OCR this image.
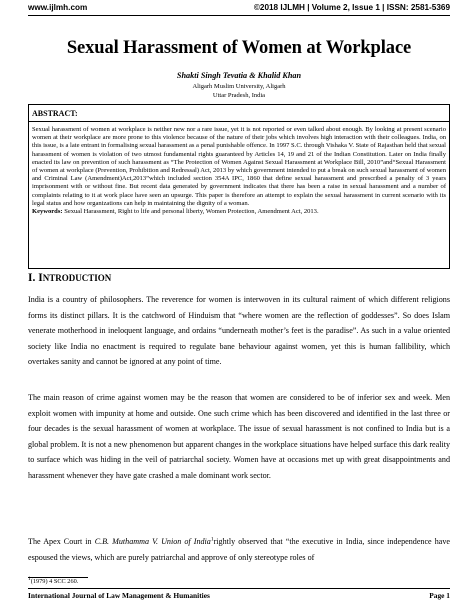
www.ijlmh.com	©2018 IJLMH | Volume 2, Issue 1 | ISSN: 2581-5369
Sexual Harassment of Women at Workplace
Shakti Singh Tevatia & Khalid Khan
Aligarh Muslim University, Aligarh
Uttar Pradesh, India
ABSTRACT:
Sexual harassment of women at workplace is neither new nor a rare issue, yet it is not reported or even talked about enough. By looking at present scenario women at their workplace are more prone to this violence because of the nature of their jobs which involves high interaction with their colleagues. India, on this issue, is a late entrant in formalising sexual harassment as a penal punishable offence. In 1997 S.C. through Vishaka V. State of Rajasthan held that sexual harassment of women is violation of two utmost fundamental rights guaranteed by Articles 14, 19 and 21 of the Indian Constitution. Later on India finally enacted its law on prevention of such harassment as “The Protection of Women Against Sexual Harassment at Workplace Bill, 2010”and“Sexual Harassment of women at workplace (Prevention, Prohibition and Redressal) Act, 2013 by which government intended to put a break on such sexual harassment of women and Criminal Law (Amendment)Act,2013”which included section 354A IPC, 1860 that define sexual harassment and prescribed a penalty of 3 years imprisonment with or without fine. But recent data generated by government indicates that there has been a raise in sexual harassment and a number of complaints relating to it at work place have seen an upsurge. This paper is therefore an attempt to explain the sexual harassment in current scenario with its legal status and how organizations can help in maintaining the dignity of a woman.
Keywords: Sexual Harassment, Right to life and personal liberty, Women Protection, Amendment Act, 2013.
I. INTRODUCTION
India is a country of philosophers. The reverence for women is interwoven in its cultural raiment of which different religions forms its distinct pillars. It is the catchword of Hinduism that “where women are the reflection of goddesses”. So does Islam venerate motherhood in ineloquent language, and ordains “underneath mother’s feet is the paradise”. As such in a value oriented society like India no enactment is required to regulate bane behaviour against women, yet this is human fallibility, which overtakes sanity and cannot be ignored at any point of time.
The main reason of crime against women may be the reason that women are considered to be of inferior sex and week. Men exploit women with impunity at home and outside. One such crime which has been discovered and identified in the last three or four decades is the sexual harassment of women at workplace. The issue of sexual harassment is not confined to India but is a global problem. It is not a new phenomenon but apparent changes in the workplace situations have helped surface this dark reality to surface which was hiding in the veil of patriarchal society. Women have at occasions met up with great disappointments and harassment whenever they have gate crashed a male dominant work sector.
The Apex Court in C.B. Muthamma V. Union of India$^1$rightly observed that “the executive in India, since independence have espoused the views, which are purely patriarchal and approve of only stereotype roles of
$^1$(1979) 4 SCC 260.
International Journal of Law Management & Humanities	Page 1
